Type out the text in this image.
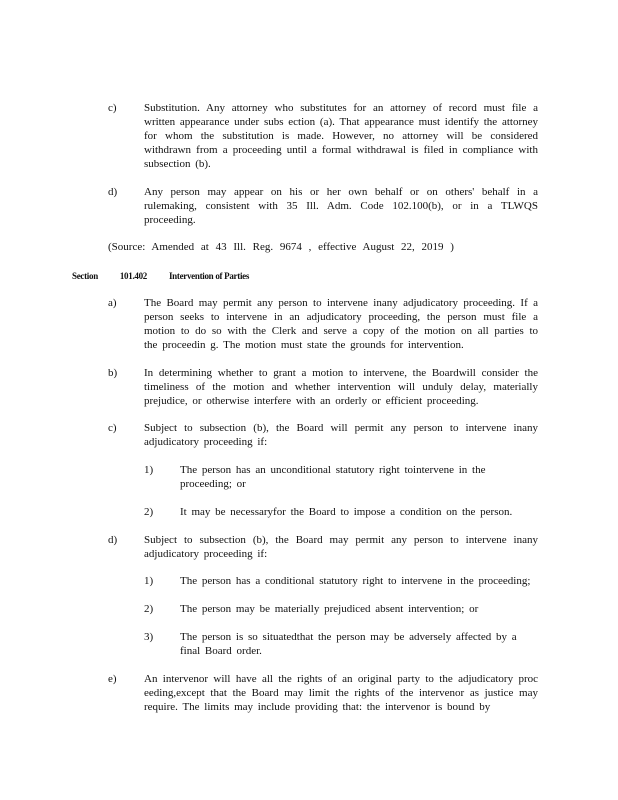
c)	Substitution. Any attorney who substitutes for an attorney of record must file a written appearance under subs ection (a). That appearance must identify the attorney for whom the substitution is made. However, no attorney will be considered withdrawn from a proceeding until a formal withdrawal is filed in compliance with subsection (b).
d)	Any person may appear on his or her own behalf or on others' behalf in a rulemaking, consistent with 35 Ill. Adm. Code 102.100(b), or in a TLWQS proceeding.
(Source: Amended at 43 Ill. Reg. 9674 , effective August 22, 2019 )
Section 101.402 Intervention of Parties
a)	The Board may permit any person to intervene inany adjudicatory proceeding. If a person seeks to intervene in an adjudicatory proceeding, the person must file a motion to do so with the Clerk and serve a copy of the motion on all parties to the proceedin g. The motion must state the grounds for intervention.
b)	In determining whether to grant a motion to intervene, the Boardwill consider the timeliness of the motion and whether intervention will unduly delay, materially prejudice, or otherwise interfere with an orderly or efficient proceeding.
c)	Subject to subsection (b), the Board will permit any person to intervene inany adjudicatory proceeding if:
1)	The person has an unconditional statutory right tointervene in the proceeding; or
2)	It may be necessaryfor the Board to impose a condition on the person.
d)	Subject to subsection (b), the Board may permit any person to intervene inany adjudicatory proceeding if:
1)	The person has a conditional statutory right to intervene in the proceeding;
2)	The person may be materially prejudiced absent intervention; or
3)	The person is so situatedthat the person may be adversely affected by a final Board order.
e)	An intervenor will have all the rights of an original party to the adjudicatory proc eeding,except that the Board may limit the rights of the intervenor as justice may require. The limits may include providing that: the intervenor is bound by
